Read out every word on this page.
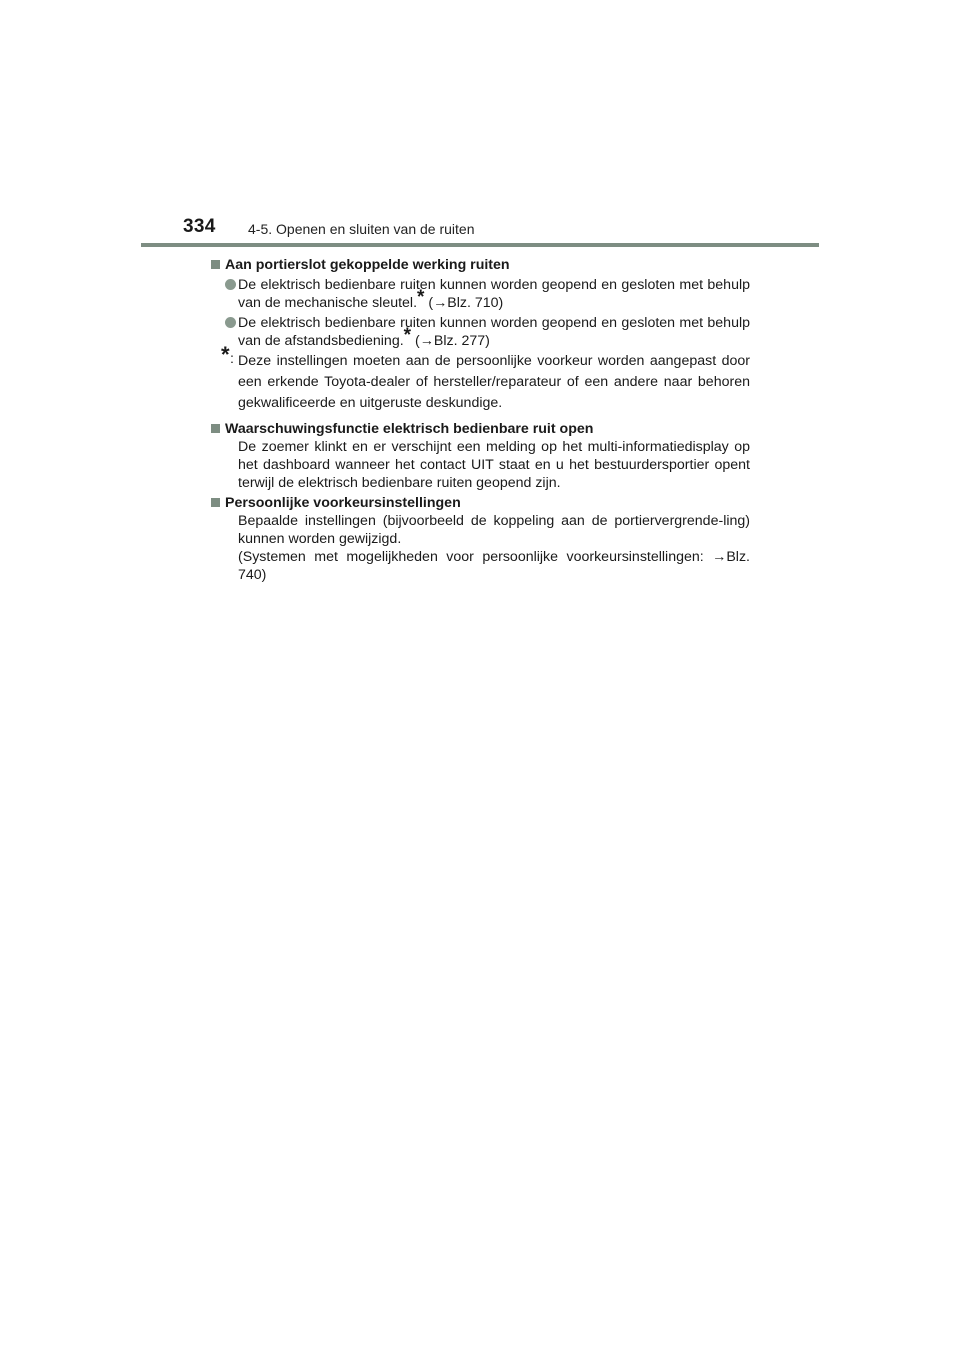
334 4-5. Openen en sluiten van de ruiten
Aan portierslot gekoppelde werking ruiten
De elektrisch bedienbare ruiten kunnen worden geopend en gesloten met behulp van de mechanische sleutel.* (→Blz. 710)
De elektrisch bedienbare ruiten kunnen worden geopend en gesloten met behulp van de afstandsbediening.* (→Blz. 277)
* : Deze instellingen moeten aan de persoonlijke voorkeur worden aangepast door een erkende Toyota-dealer of hersteller/reparateur of een andere naar behoren gekwalificeerde en uitgeruste deskundige.
Waarschuwingsfunctie elektrisch bedienbare ruit open
De zoemer klinkt en er verschijnt een melding op het multi-informatiedisplay op het dashboard wanneer het contact UIT staat en u het bestuurdersportier opent terwijl de elektrisch bedienbare ruiten geopend zijn.
Persoonlijke voorkeursinstellingen
Bepaalde instellingen (bijvoorbeeld de koppeling aan de portiervergrende-ling) kunnen worden gewijzigd.
(Systemen met mogelijkheden voor persoonlijke voorkeursinstellingen: →Blz. 740)
